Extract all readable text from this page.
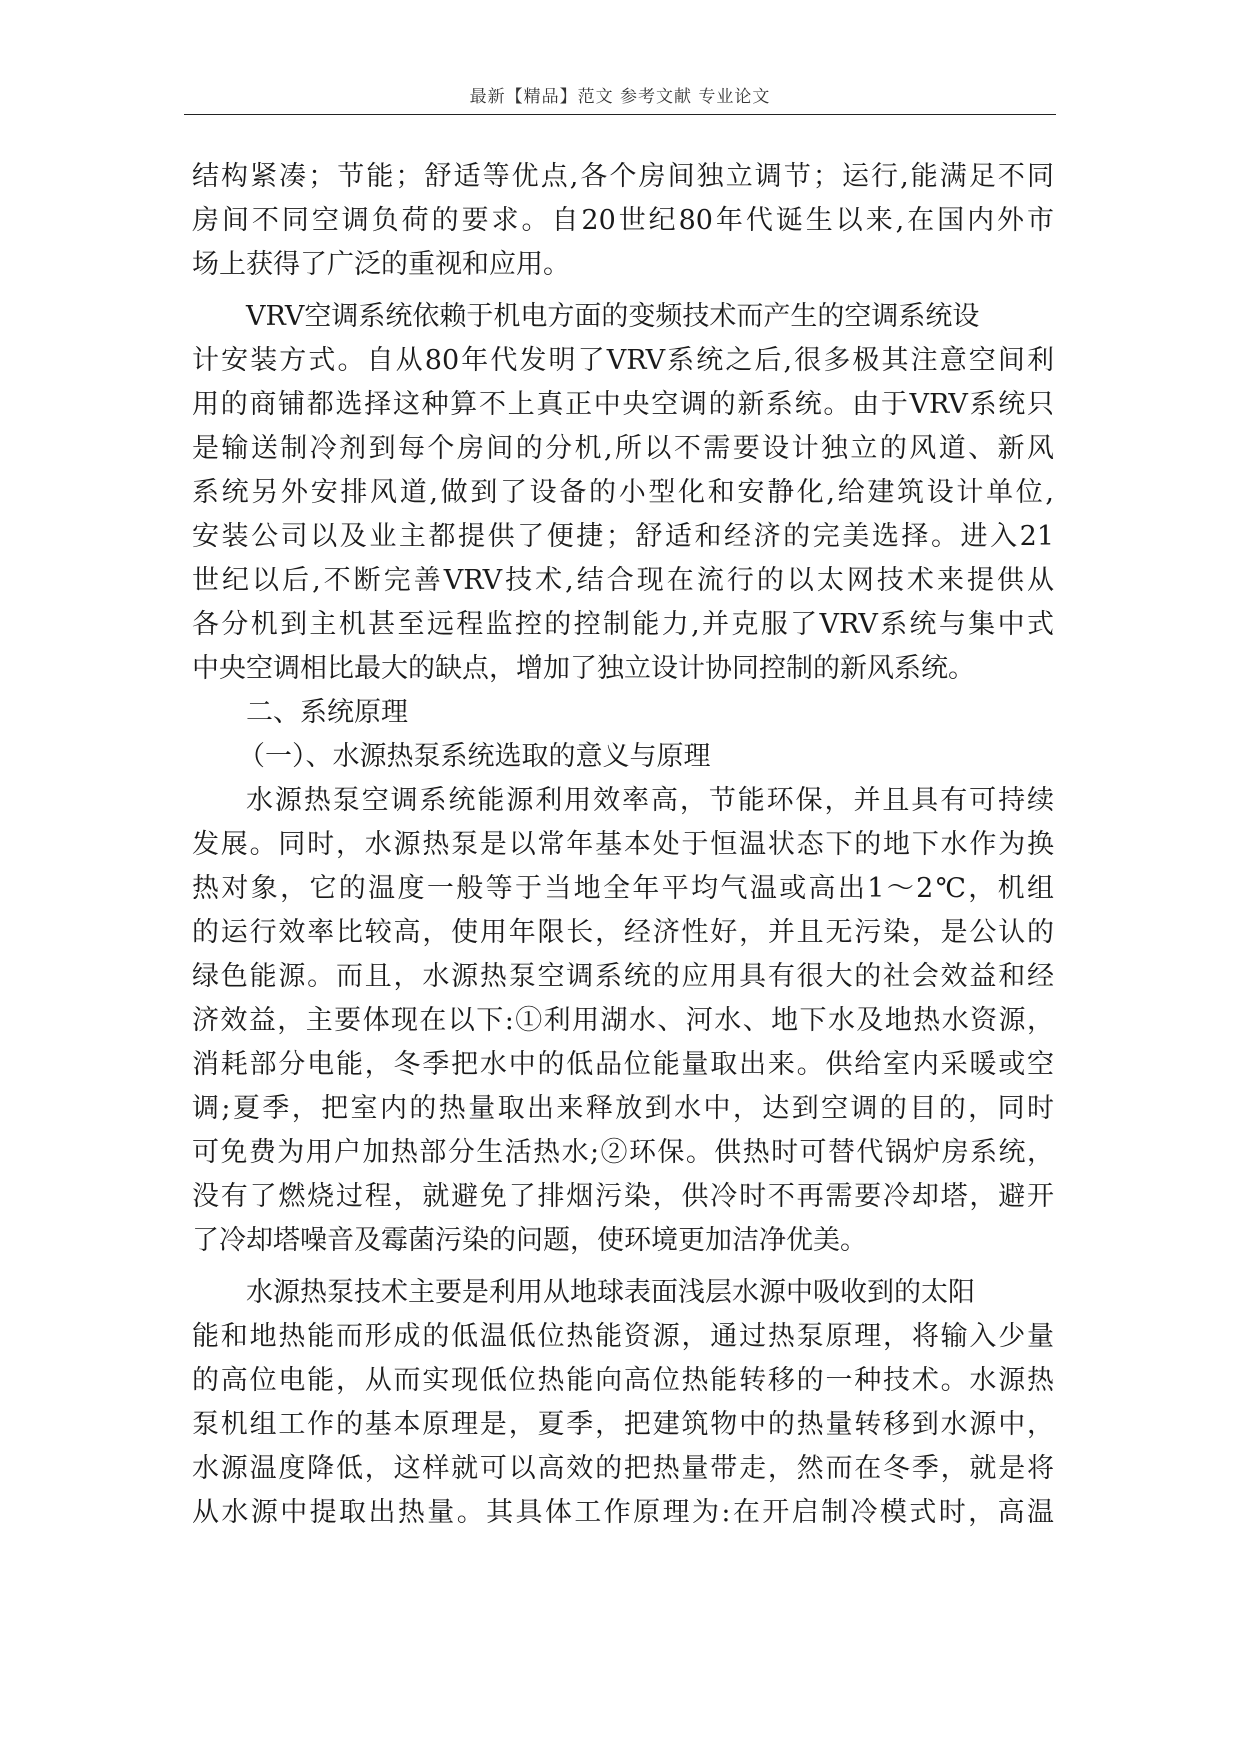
最新【精品】范文 参考文献 专业论文

结构紧凑；节能；舒适等优点,各个房间独立调节；运行,能满足不同
房间不同空调负荷的要求。自20世纪80年代诞生以来,在国内外市
场上获得了广泛的重视和应用。

VRV空调系统依赖于机电方面的变频技术而产生的空调系统设
计安装方式。自从80年代发明了VRV系统之后,很多极其注意空间利
用的商铺都选择这种算不上真正中央空调的新系统。由于VRV系统只
是输送制冷剂到每个房间的分机,所以不需要设计独立的风道、新风
系统另外安排风道,做到了设备的小型化和安静化,给建筑设计单位,
安装公司以及业主都提供了便捷；舒适和经济的完美选择。进入21
世纪以后,不断完善VRV技术,结合现在流行的以太网技术来提供从
各分机到主机甚至远程监控的控制能力,并克服了VRV系统与集中式
中央空调相比最大的缺点，增加了独立设计协同控制的新风系统。

二、系统原理

（一）、水源热泵系统选取的意义与原理

水源热泵空调系统能源利用效率高，节能环保，并且具有可持续
发展。同时，水源热泵是以常年基本处于恒温状态下的地下水作为换
热对象，它的温度一般等于当地全年平均气温或高出1～2℃，机组
的运行效率比较高，使用年限长，经济性好，并且无污染，是公认的
绿色能源。而且，水源热泵空调系统的应用具有很大的社会效益和经
济效益，主要体现在以下:①利用湖水、河水、地下水及地热水资源，
消耗部分电能，冬季把水中的低品位能量取出来。供给室内采暖或空
调;夏季，把室内的热量取出来释放到水中，达到空调的目的，同时
可免费为用户加热部分生活热水;②环保。供热时可替代锅炉房系统，
没有了燃烧过程，就避免了排烟污染，供冷时不再需要冷却塔，避开
了冷却塔噪音及霉菌污染的问题，使环境更加洁净优美。

水源热泵技术主要是利用从地球表面浅层水源中吸收到的太阳
能和地热能而形成的低温低位热能资源，通过热泵原理，将输入少量
的高位电能，从而实现低位热能向高位热能转移的一种技术。水源热
泵机组工作的基本原理是，夏季，把建筑物中的热量转移到水源中，
水源温度降低，这样就可以高效的把热量带走，然而在冬季，就是将
从水源中提取出热量。其具体工作原理为:在开启制冷模式时，高温
